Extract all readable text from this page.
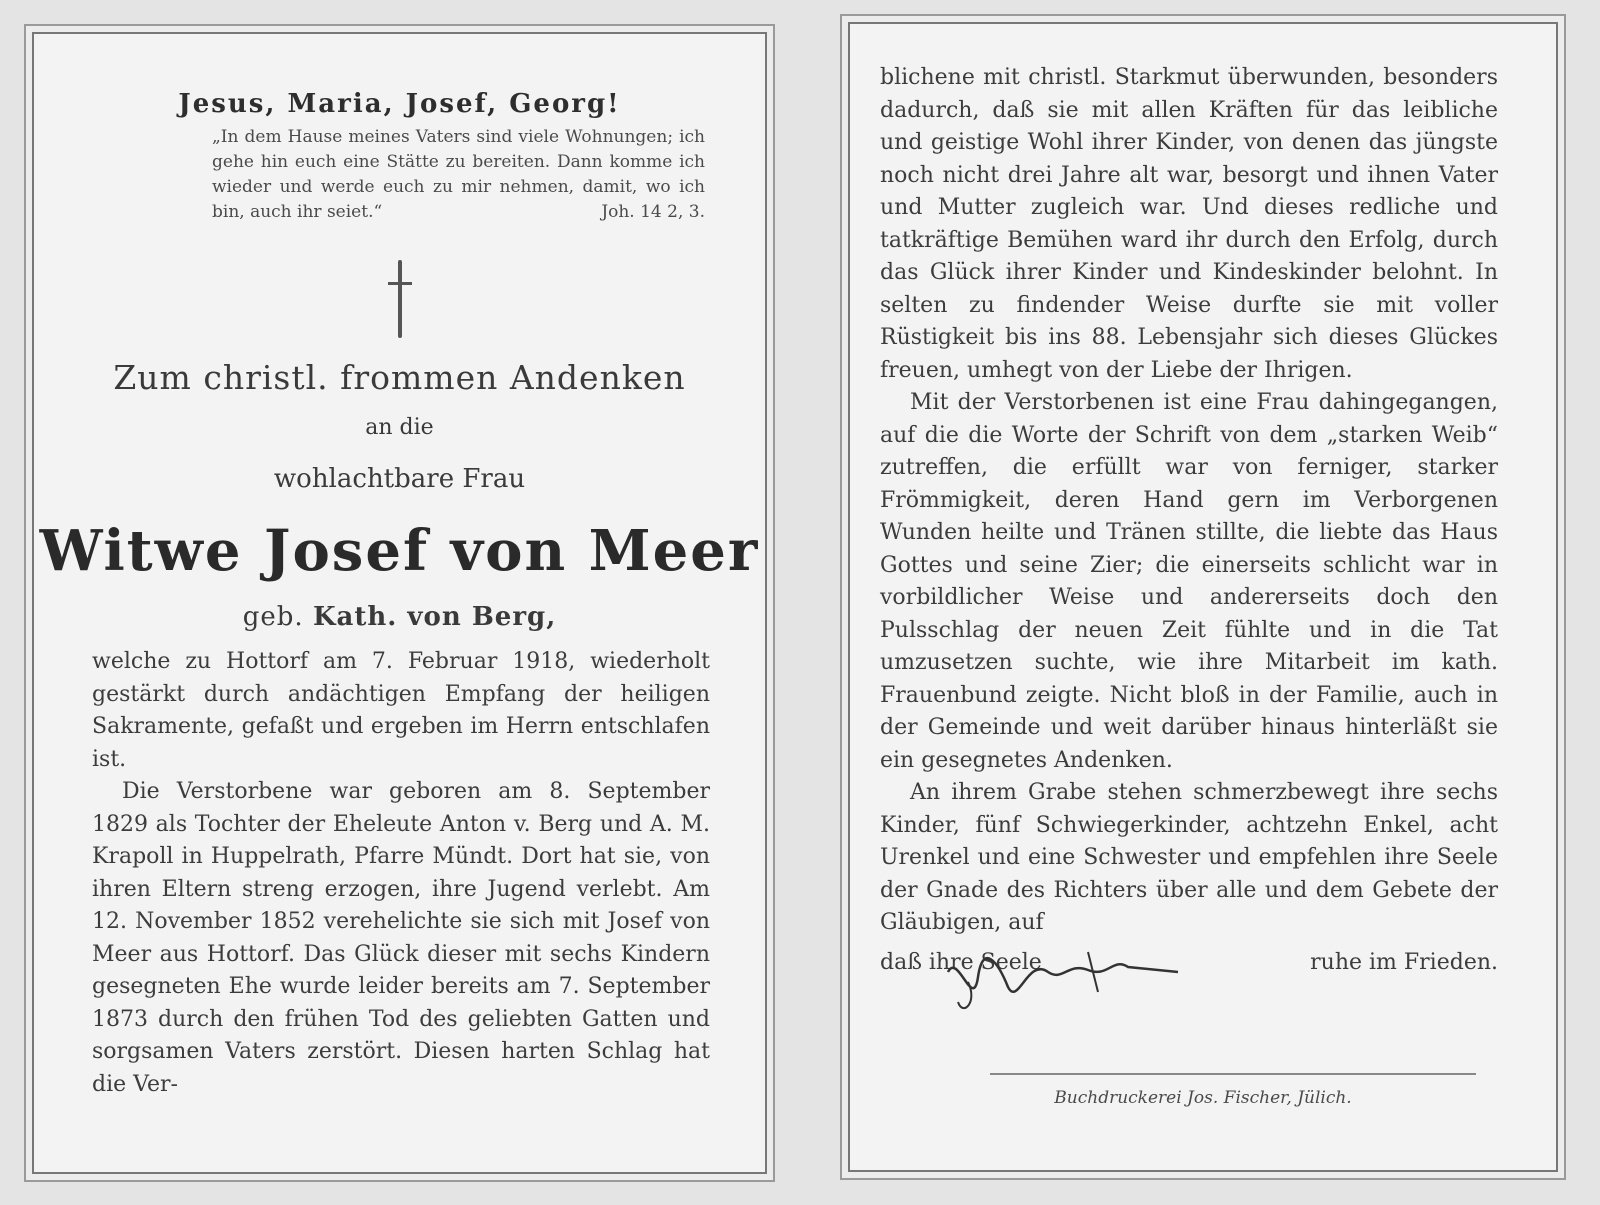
Jesus, Maria, Josef, Georg!
„In dem Hause meines Vaters sind viele Wohnungen; ich gehe hin euch eine Stätte zu bereiten. Dann komme ich wieder und werde euch zu mir nehmen, damit, wo ich bin, auch ihr seiet.“	Joh. 14 2, 3.
Zum christl. frommen Andenken
an die
wohlachtbare Frau
Witwe Josef von Meer
geb. Kath. von Berg,

welche zu Hottorf am 7. Februar 1918, wiederholt gestärkt durch andächtigen Empfang der heiligen Sakramente, gefaßt und ergeben im Herrn entschlafen ist.

Die Verstorbene war geboren am 8. September 1829 als Tochter der Eheleute Anton v. Berg und A. M. Krapoll in Huppelrath, Pfarre Mündt. Dort hat sie, von ihren Eltern streng erzogen, ihre Jugend verlebt. Am 12. November 1852 verehelichte sie sich mit Josef von Meer aus Hottorf. Das Glück dieser mit sechs Kindern gesegneten Ehe wurde leider bereits am 7. September 1873 durch den frühen Tod des geliebten Gatten und sorgsamen Vaters zerstört. Diesen harten Schlag hat die Ver-

blichene mit christl. Starkmut überwunden, besonders dadurch, daß sie mit allen Kräften für das leibliche und geistige Wohl ihrer Kinder, von denen das jüngste noch nicht drei Jahre alt war, besorgt und ihnen Vater und Mutter zugleich war. Und dieses redliche und tatkräftige Bemühen ward ihr durch den Erfolg, durch das Glück ihrer Kinder und Kindeskinder belohnt. In selten zu findender Weise durfte sie mit voller Rüstigkeit bis ins 88. Lebensjahr sich dieses Glückes freuen, umhegt von der Liebe der Ihrigen.

Mit der Verstorbenen ist eine Frau dahingegangen, auf die die Worte der Schrift von dem „starken Weib“ zutreffen, die erfüllt war von ferniger, starker Frömmigkeit, deren Hand gern im Verborgenen Wunden heilte und Tränen stillte, die liebte das Haus Gottes und seine Zier; die einerseits schlicht war in vorbildlicher Weise und andererseits doch den Pulsschlag der neuen Zeit fühlte und in die Tat umzusetzen suchte, wie ihre Mitarbeit im kath. Frauenbund zeigte. Nicht bloß in der Familie, auch in der Gemeinde und weit darüber hinaus hinterläßt sie ein gesegnetes Andenken.

An ihrem Grabe stehen schmerzbewegt ihre sechs Kinder, fünf Schwiegerkinder, achtzehn Enkel, acht Urenkel und eine Schwester und empfehlen ihre Seele der Gnade des Richters über alle und dem Gebete der Gläubigen, auf

daß ihre Seele	ruhe im Frieden.
Buchdruckerei Jos. Fischer, Jülich.
